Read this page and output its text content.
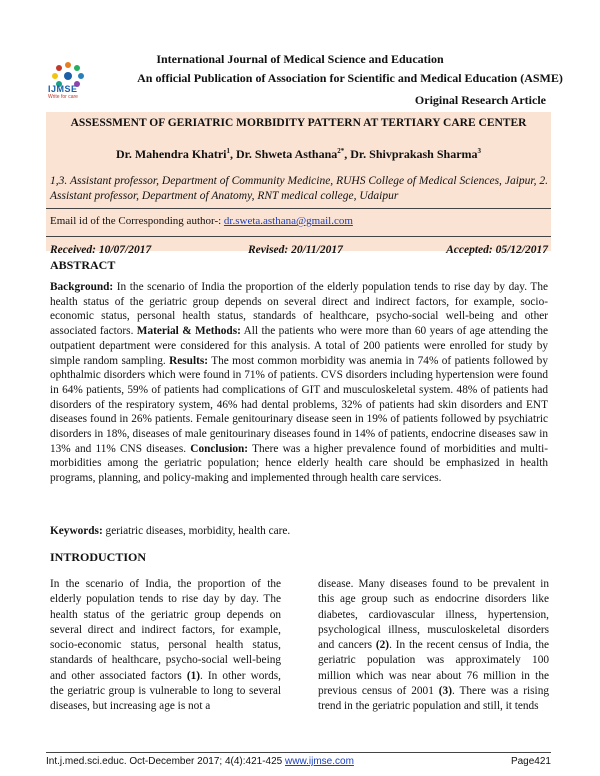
IJMSE
Write for care
International Journal of Medical Science and Education
An official Publication of Association for Scientific and Medical Education (ASME)
Original Research Article
ASSESSMENT OF GERIATRIC MORBIDITY PATTERN AT TERTIARY CARE CENTER
Dr. Mahendra Khatri$^1$, Dr. Shweta Asthana$^{2*}$, Dr. Shivprakash Sharma$^3$
1,3. Assistant professor, Department of Community Medicine, RUHS College of Medical Sciences, Jaipur, 2. Assistant professor, Department of Anatomy, RNT medical college, Udaipur
Email id of the Corresponding author-: dr.sweta.asthana@gmail.com
Received: 10/07/2017	Revised: 20/11/2017	Accepted: 05/12/2017
ABSTRACT
Background: In the scenario of India the proportion of the elderly population tends to rise day by day. The health status of the geriatric group depends on several direct and indirect factors, for example, socio-economic status, personal health status, standards of healthcare, psycho-social well-being and other associated factors. Material & Methods: All the patients who were more than 60 years of age attending the outpatient department were considered for this analysis. A total of 200 patients were enrolled for study by simple random sampling. Results: The most common morbidity was anemia in 74% of patients followed by ophthalmic disorders which were found in 71% of patients. CVS disorders including hypertension were found in 64% patients, 59% of patients had complications of GIT and musculoskeletal system. 48% of patients had disorders of the respiratory system, 46% had dental problems, 32% of patients had skin disorders and ENT diseases found in 26% patients. Female genitourinary disease seen in 19% of patients followed by psychiatric disorders in 18%, diseases of male genitourinary diseases found in 14% of patients, endocrine diseases saw in 13% and 11% CNS diseases. Conclusion: There was a higher prevalence found of morbidities and multi-morbidities among the geriatric population; hence elderly health care should be emphasized in health programs, planning, and policy-making and implemented through health care services.
Keywords: geriatric diseases, morbidity, health care.
INTRODUCTION
In the scenario of India, the proportion of the elderly population tends to rise day by day. The health status of the geriatric group depends on several direct and indirect factors, for example, socio-economic status, personal health status, standards of healthcare, psycho-social well-being and other associated factors (1). In other words, the geriatric group is vulnerable to long to several diseases, but increasing age is not a
disease. Many diseases found to be prevalent in this age group such as endocrine disorders like diabetes, cardiovascular illness, hypertension, psychological illness, musculoskeletal disorders and cancers (2). In the recent census of India, the geriatric population was approximately 100 million which was near about 76 million in the previous census of 2001 (3). There was a rising trend in the geriatric population and still, it tends
Int.j.med.sci.educ. Oct-December 2017; 4(4):421-425 www.ijmse.com	Page421
